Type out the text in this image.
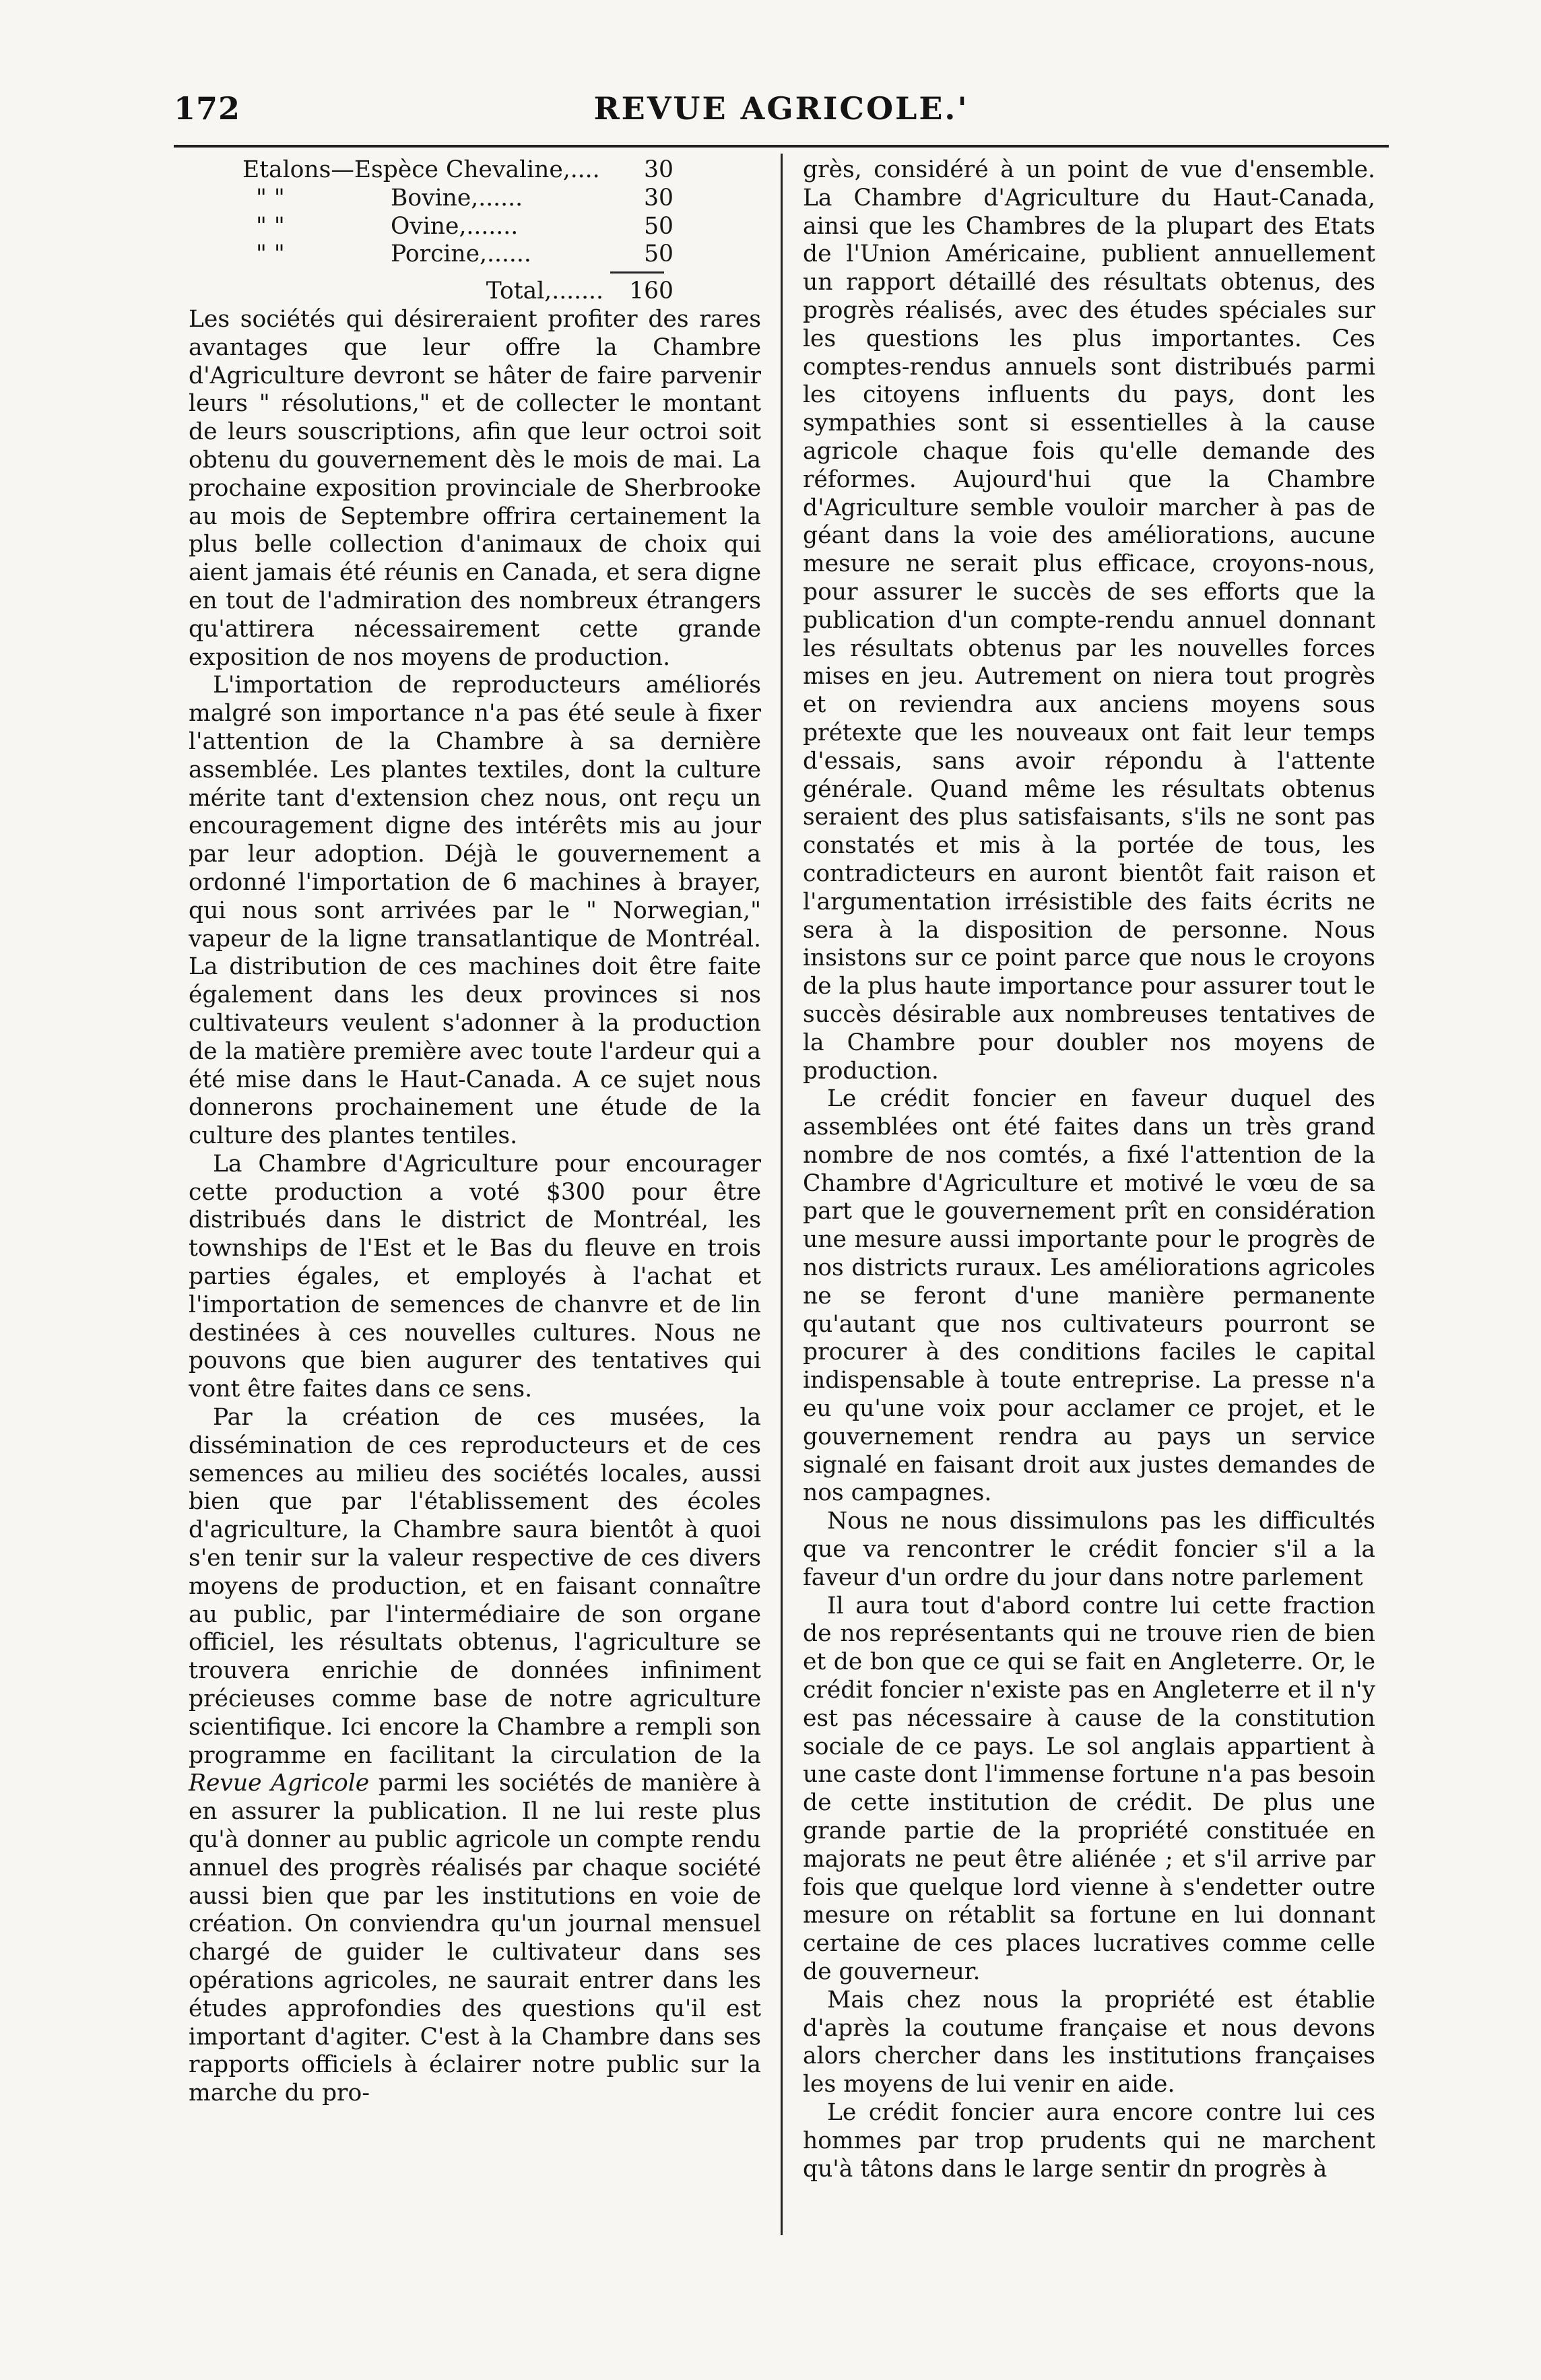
172	REVUE AGRICOLE.'
Etalons—Espèce Chevaline,....	30
" "	Bovine,......	30
" "	Ovine,.......	50
" "	Porcine,......	50
Total,.......	160

Les sociétés qui désireraient profiter des rares avantages que leur offre la Chambre d'Agriculture devront se hâter de faire parvenir leurs " résolutions," et de collecter le montant de leurs souscriptions, afin que leur octroi soit obtenu du gouvernement dès le mois de mai. La prochaine exposition provinciale de Sherbrooke au mois de Septembre offrira certainement la plus belle collection d'animaux de choix qui aient jamais été réunis en Canada, et sera digne en tout de l'admiration des nombreux étrangers qu'attirera nécessairement cette grande exposition de nos moyens de production.

L'importation de reproducteurs améliorés malgré son importance n'a pas été seule à fixer l'attention de la Chambre à sa dernière assemblée. Les plantes textiles, dont la culture mérite tant d'extension chez nous, ont reçu un encouragement digne des intérêts mis au jour par leur adoption. Déjà le gouvernement a ordonné l'importation de 6 machines à brayer, qui nous sont arrivées par le " Norwegian," vapeur de la ligne transatlantique de Montréal. La distribution de ces machines doit être faite également dans les deux provinces si nos cultivateurs veulent s'adonner à la production de la matière première avec toute l'ardeur qui a été mise dans le Haut-Canada. A ce sujet nous donnerons prochainement une étude de la culture des plantes tentiles.

La Chambre d'Agriculture pour encourager cette production a voté $300 pour être distribués dans le district de Montréal, les townships de l'Est et le Bas du fleuve en trois parties égales, et employés à l'achat et l'importation de semences de chanvre et de lin destinées à ces nouvelles cultures. Nous ne pouvons que bien augurer des tentatives qui vont être faites dans ce sens.

Par la création de ces musées, la dissémination de ces reproducteurs et de ces semences au milieu des sociétés locales, aussi bien que par l'établissement des écoles d'agriculture, la Chambre saura bientôt à quoi s'en tenir sur la valeur respective de ces divers moyens de production, et en faisant connaître au public, par l'intermédiaire de son organe officiel, les résultats obtenus, l'agriculture se trouvera enrichie de données infiniment précieuses comme base de notre agriculture scientifique. Ici encore la Chambre a rempli son programme en facilitant la circulation de la Revue Agricole parmi les sociétés de manière à en assurer la publication. Il ne lui reste plus qu'à donner au public agricole un compte rendu annuel des progrès réalisés par chaque société aussi bien que par les institutions en voie de création. On conviendra qu'un journal mensuel chargé de guider le cultivateur dans ses opérations agricoles, ne saurait entrer dans les études approfondies des questions qu'il est important d'agiter. C'est à la Chambre dans ses rapports officiels à éclairer notre public sur la marche du pro-

grès, considéré à un point de vue d'ensemble. La Chambre d'Agriculture du Haut-Canada, ainsi que les Chambres de la plupart des Etats de l'Union Américaine, publient annuellement un rapport détaillé des résultats obtenus, des progrès réalisés, avec des études spéciales sur les questions les plus importantes. Ces comptes-rendus annuels sont distribués parmi les citoyens influents du pays, dont les sympathies sont si essentielles à la cause agricole chaque fois qu'elle demande des réformes. Aujourd'hui que la Chambre d'Agriculture semble vouloir marcher à pas de géant dans la voie des améliorations, aucune mesure ne serait plus efficace, croyons-nous, pour assurer le succès de ses efforts que la publication d'un compte-rendu annuel donnant les résultats obtenus par les nouvelles forces mises en jeu. Autrement on niera tout progrès et on reviendra aux anciens moyens sous prétexte que les nouveaux ont fait leur temps d'essais, sans avoir répondu à l'attente générale. Quand même les résultats obtenus seraient des plus satisfaisants, s'ils ne sont pas constatés et mis à la portée de tous, les contradicteurs en auront bientôt fait raison et l'argumentation irrésistible des faits écrits ne sera à la disposition de personne. Nous insistons sur ce point parce que nous le croyons de la plus haute importance pour assurer tout le succès désirable aux nombreuses tentatives de la Chambre pour doubler nos moyens de production.

Le crédit foncier en faveur duquel des assemblées ont été faites dans un très grand nombre de nos comtés, a fixé l'attention de la Chambre d'Agriculture et motivé le vœu de sa part que le gouvernement prît en considération une mesure aussi importante pour le progrès de nos districts ruraux. Les améliorations agricoles ne se feront d'une manière permanente qu'autant que nos cultivateurs pourront se procurer à des conditions faciles le capital indispensable à toute entreprise. La presse n'a eu qu'une voix pour acclamer ce projet, et le gouvernement rendra au pays un service signalé en faisant droit aux justes demandes de nos campagnes.

Nous ne nous dissimulons pas les difficultés que va rencontrer le crédit foncier s'il a la faveur d'un ordre du jour dans notre parlement

Il aura tout d'abord contre lui cette fraction de nos représentants qui ne trouve rien de bien et de bon que ce qui se fait en Angleterre. Or, le crédit foncier n'existe pas en Angleterre et il n'y est pas nécessaire à cause de la constitution sociale de ce pays. Le sol anglais appartient à une caste dont l'immense fortune n'a pas besoin de cette institution de crédit. De plus une grande partie de la propriété constituée en majorats ne peut être aliénée ; et s'il arrive par fois que quelque lord vienne à s'endetter outre mesure on rétablit sa fortune en lui donnant certaine de ces places lucratives comme celle de gouverneur.

Mais chez nous la propriété est établie d'après la coutume française et nous devons alors chercher dans les institutions françaises les moyens de lui venir en aide.

Le crédit foncier aura encore contre lui ces hommes par trop prudents qui ne marchent qu'à tâtons dans le large sentir dn progrès à
